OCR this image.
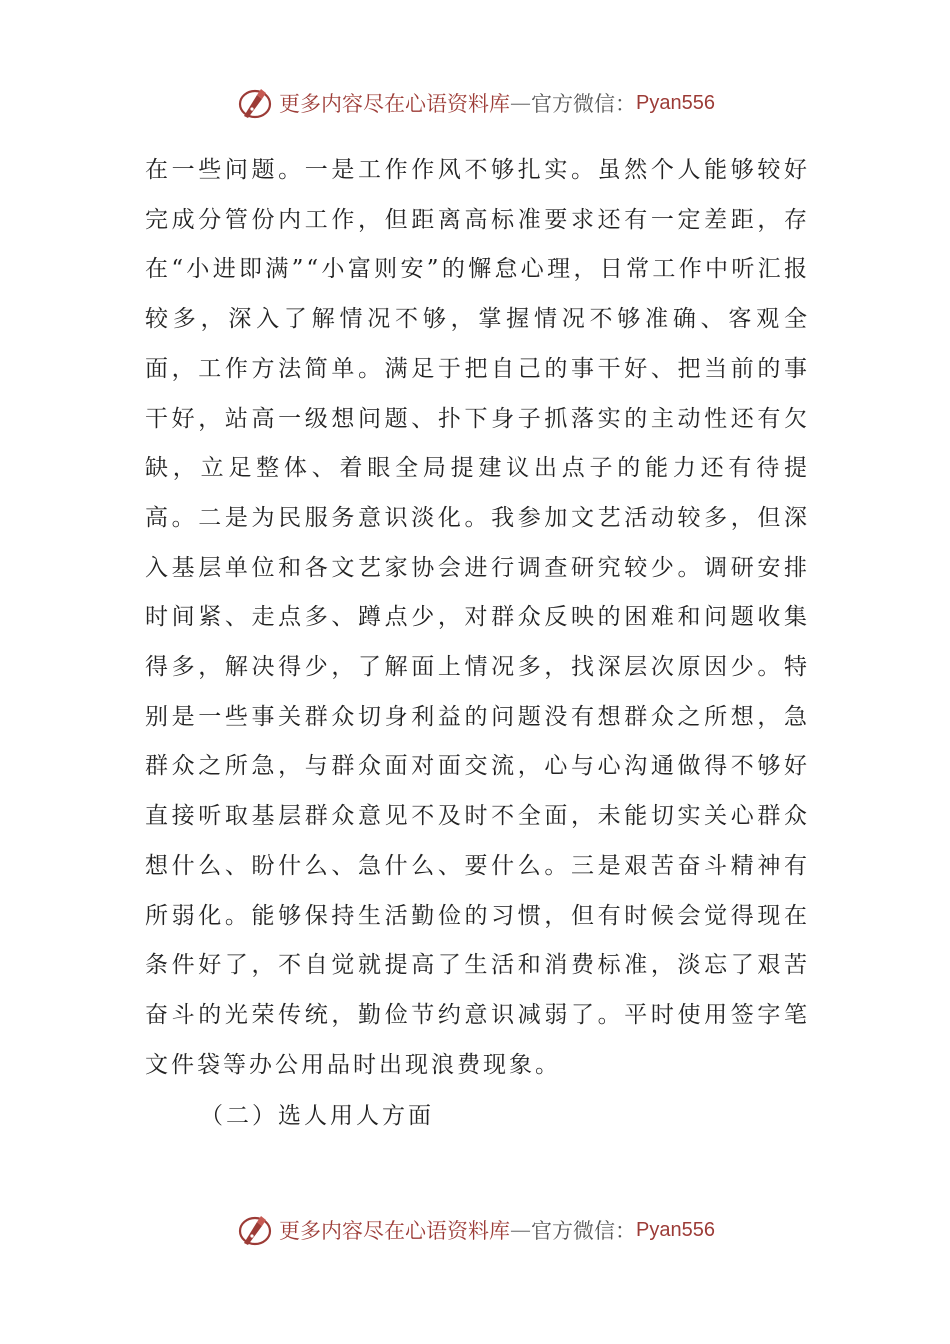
更多内容尽在心语资料库 — 官方微信： Pyan556

在一些问题。一是工作作风不够扎实。虽然个人能够较好完成分管份内工作，但距离高标准要求还有一定差距，存在“小进即满”“小富则安”的懈怠心理，日常工作中听汇报较多，深入了解情况不够，掌握情况不够准确、客观全面，工作方法简单。满足于把自己的事干好、把当前的事干好，站高一级想问题、扑下身子抓落实的主动性还有欠缺，立足整体、着眼全局提建议出点子的能力还有待提高。二是为民服务意识淡化。我参加文艺活动较多，但深入基层单位和各文艺家协会进行调查研究较少。调研安排时间紧、走点多、蹲点少，对群众反映的困难和问题收集得多，解决得少，了解面上情况多，找深层次原因少。特别是一些事关群众切身利益的问题没有想群众之所想，急群众之所急，与群众面对面交流，心与心沟通做得不够好直接听取基层群众意见不及时不全面，未能切实关心群众想什么、盼什么、急什么、要什么。三是艰苦奋斗精神有所弱化。能够保持生活勤俭的习惯，但有时候会觉得现在条件好了，不自觉就提高了生活和消费标准，淡忘了艰苦奋斗的光荣传统，勤俭节约意识减弱了。平时使用签字笔文件袋等办公用品时出现浪费现象。

（二）选人用人方面
更多内容尽在心语资料库 — 官方微信： Pyan556
